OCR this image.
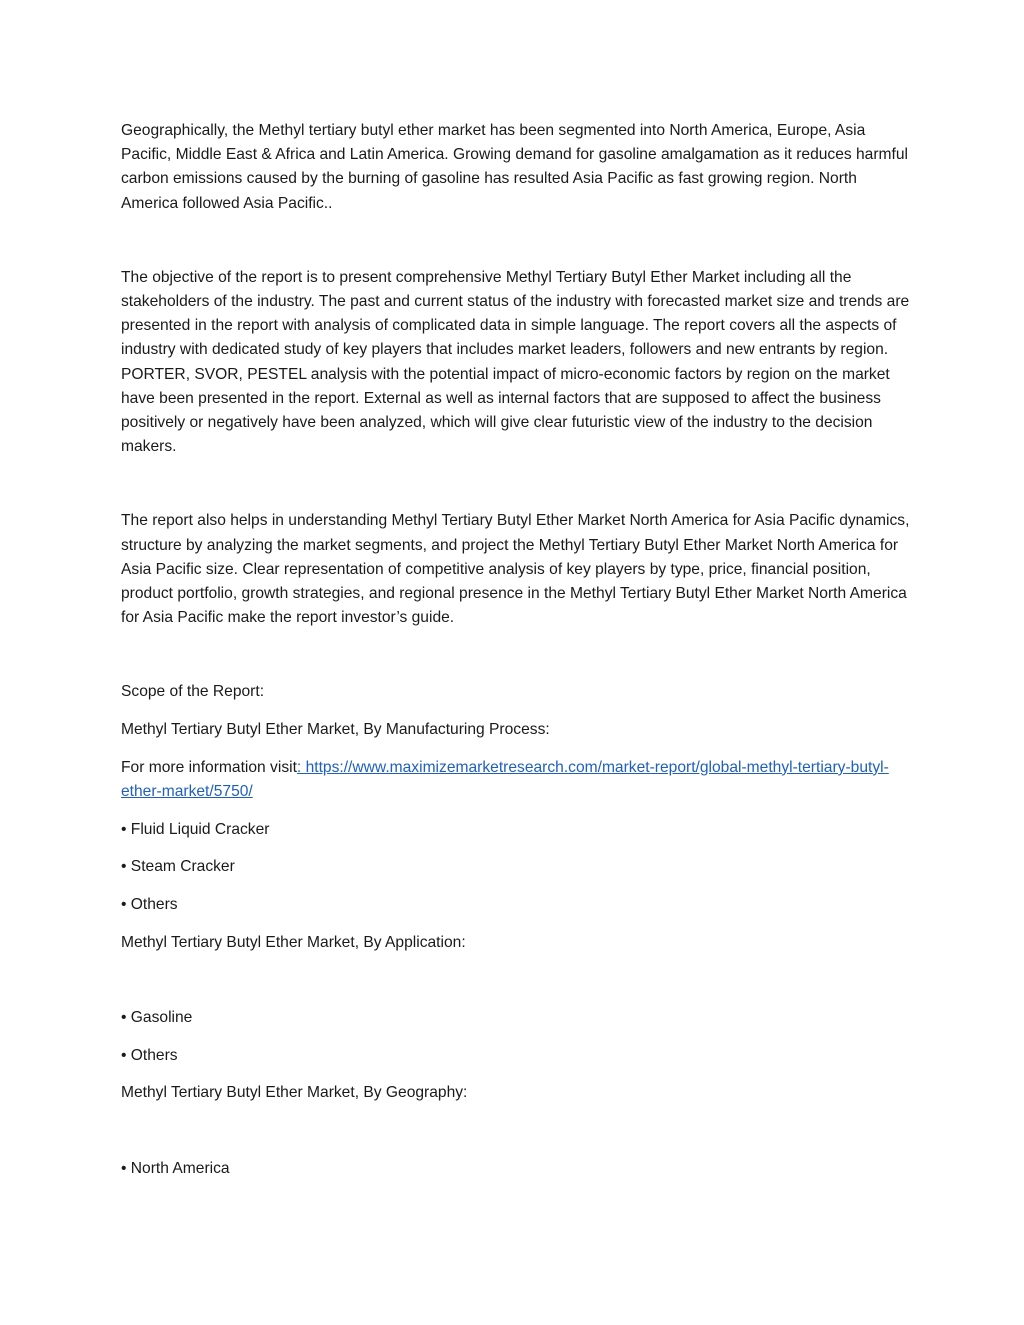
Geographically, the Methyl tertiary butyl ether market has been segmented into North America, Europe, Asia Pacific, Middle East & Africa and Latin America. Growing demand for gasoline amalgamation as it reduces harmful carbon emissions caused by the burning of gasoline has resulted Asia Pacific as fast growing region. North America followed Asia Pacific..

The objective of the report is to present comprehensive Methyl Tertiary Butyl Ether Market including all the stakeholders of the industry. The past and current status of the industry with forecasted market size and trends are presented in the report with analysis of complicated data in simple language. The report covers all the aspects of industry with dedicated study of key players that includes market leaders, followers and new entrants by region. PORTER, SVOR, PESTEL analysis with the potential impact of micro-economic factors by region on the market have been presented in the report. External as well as internal factors that are supposed to affect the business positively or negatively have been analyzed, which will give clear futuristic view of the industry to the decision makers.

The report also helps in understanding Methyl Tertiary Butyl Ether Market North America for Asia Pacific dynamics, structure by analyzing the market segments, and project the Methyl Tertiary Butyl Ether Market North America for Asia Pacific size. Clear representation of competitive analysis of key players by type, price, financial position, product portfolio, growth strategies, and regional presence in the Methyl Tertiary Butyl Ether Market North America for Asia Pacific make the report investor’s guide.

Scope of the Report:

Methyl Tertiary Butyl Ether Market, By Manufacturing Process:

For more information visit: https://www.maximizemarketresearch.com/market-report/global-methyl-tertiary-butyl-ether-market/5750/

• Fluid Liquid Cracker

• Steam Cracker

• Others

Methyl Tertiary Butyl Ether Market, By Application:

• Gasoline

• Others

Methyl Tertiary Butyl Ether Market, By Geography:

• North America
